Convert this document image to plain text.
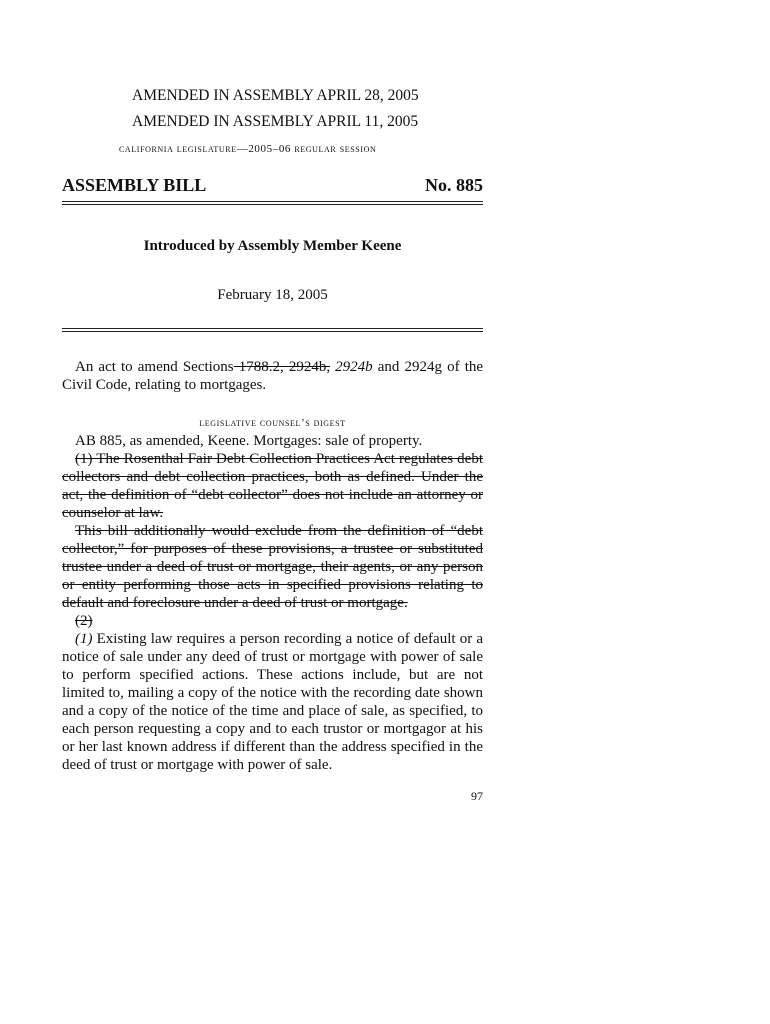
AMENDED IN ASSEMBLY APRIL 28, 2005
AMENDED IN ASSEMBLY APRIL 11, 2005
california legislature—2005–06 regular session
ASSEMBLY BILL	No. 885
Introduced by Assembly Member Keene
February 18, 2005

An act to amend Sections 1788.2, 2924b, 2924b and 2924g of the Civil Code, relating to mortgages.

legislative counsel’s digest

AB 885, as amended, Keene. Mortgages: sale of property.

(1) The Rosenthal Fair Debt Collection Practices Act regulates debt collectors and debt collection practices, both as defined. Under the act, the definition of “debt collector” does not include an attorney or counselor at law.

This bill additionally would exclude from the definition of “debt collector,” for purposes of these provisions, a trustee or substituted trustee under a deed of trust or mortgage, their agents, or any person or entity performing those acts in specified provisions relating to default and foreclosure under a deed of trust or mortgage.

(2)

(1) Existing law requires a person recording a notice of default or a notice of sale under any deed of trust or mortgage with power of sale to perform specified actions. These actions include, but are not limited to, mailing a copy of the notice with the recording date shown and a copy of the notice of the time and place of sale, as specified, to each person requesting a copy and to each trustor or mortgagor at his or her last known address if different than the address specified in the deed of trust or mortgage with power of sale.

97
